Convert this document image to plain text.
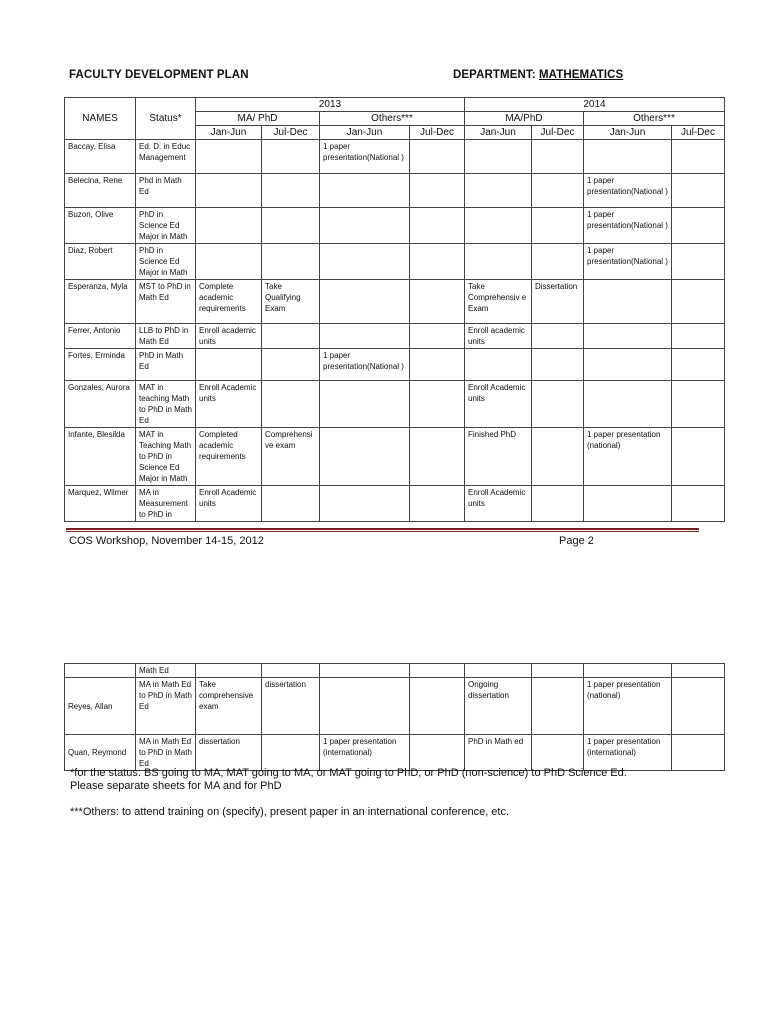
FACULTY DEVELOPMENT PLAN	DEPARTMENT: MATHEMATICS
NAMES	Status*	2013				2014			
		MA/ PhD		Others***		MA/PhD		Others***	
		Jan-Jun	Jul-Dec	Jan-Jun	Jul-Dec	Jan-Jun	Jul-Dec	Jan-Jun	Jul-Dec
Baccay, Elisa	Ed. D. in Educ Management			1 paper presentation(National )					
Belecina, Rene	Phd in Math Ed							1 paper presentation(National )	
Buzon, Olive	PhD in Science Ed Major in Math							1 paper presentation(National )	
Diaz, Robert	PhD in Science Ed Major in Math							1 paper presentation(National )	
Esperanza, Myla	MST to PhD in Math Ed	Complete academic requirements	Take Qualifying Exam			Take Comprehensiv e Exam	Dissertation		
Ferrer, Antonio	LLB to PhD in Math Ed	Enroll academic units				Enroll academic units			
Fortes, Erminda	PhD in Math Ed			1 paper presentation(National )					
Gonzales, Aurora	MAT in teaching Math to PhD in Math Ed	Enroll Academic units				Enroll Academic units			
Infante, Blesilda	MAT in Teaching Math to PhD in Science Ed Major in Math	Completed academic requirements	Comprehensi ve exam			Finished PhD		1 paper presentation (national)	
Marquez, Wilmer	MA in Measurement to PhD in	Enroll Academic units				Enroll Academic units			
COS Workshop, November 14-15, 2012	Page 2
	Math Ed								
Reyes, Allan	MA in Math Ed to PhD in Math Ed	Take comprehensive exam	dissertation			Ongoing dissertation		1 paper presentation (national)	
Quan, Reymond	MA in Math Ed to PhD in Math Ed	dissertation		1 paper presentation (international)		PhD in Math ed		1 paper presentation (international)	
*for the status: BS going to MA, MAT going to MA, or MAT going to PhD, or PhD (non-science) to PhD Science Ed.
Please separate sheets for MA and for PhD
***Others: to attend training on (specify), present paper in an international conference, etc.
